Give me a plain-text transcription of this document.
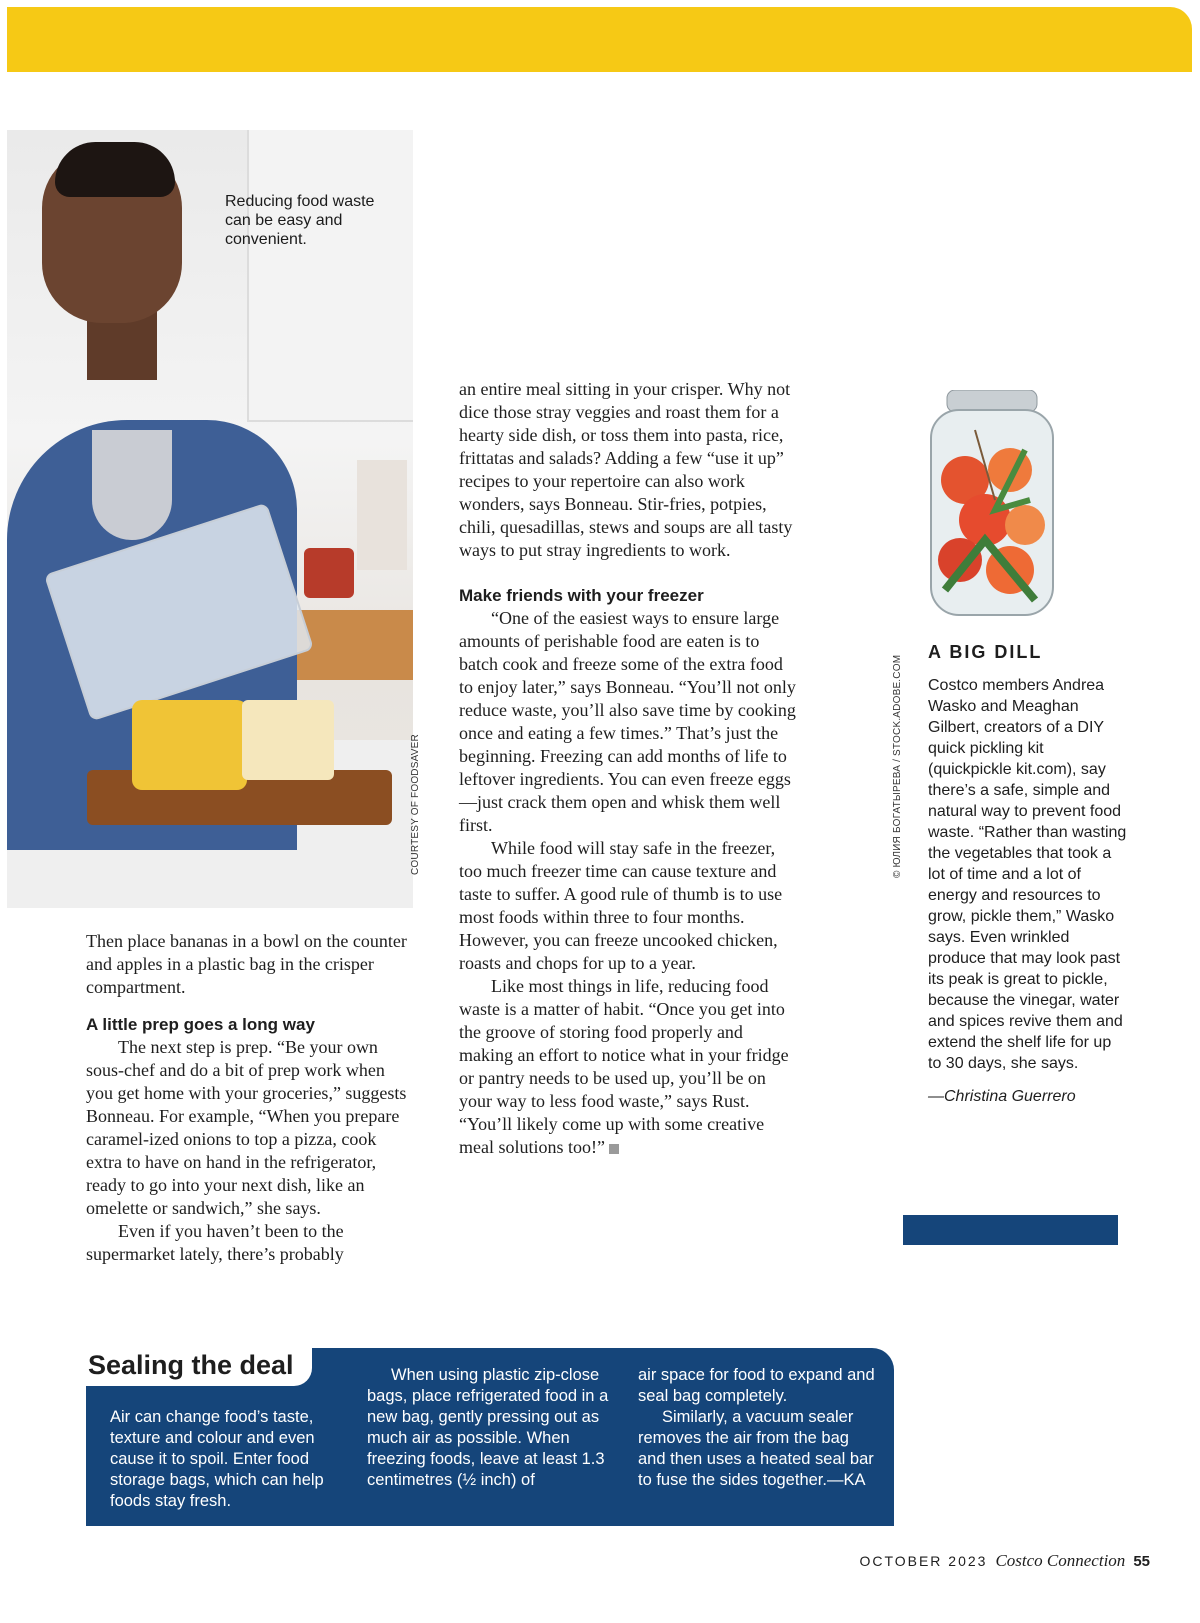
Reducing food waste can be easy and convenient.
COURTESY OF FOODSAVER

Then place bananas in a bowl on the counter and apples in a plastic bag in the crisper compartment.

A little prep goes a long way

The next step is prep. “Be your own sous-chef and do a bit of prep work when you get home with your groceries,” suggests Bonneau. For example, “When you prepare caramel-ized onions to top a pizza, cook extra to have on hand in the refrigerator, ready to go into your next dish, like an omelette or sandwich,” she says.

Even if you haven’t been to the supermarket lately, there’s probably

an entire meal sitting in your crisper. Why not dice those stray veggies and roast them for a hearty side dish, or toss them into pasta, rice, frittatas and salads? Adding a few “use it up” recipes to your repertoire can also work wonders, says Bonneau. Stir-fries, potpies, chili, quesadillas, stews and soups are all tasty ways to put stray ingredients to work.

Make friends with your freezer

“One of the easiest ways to ensure large amounts of perishable food are eaten is to batch cook and freeze some of the extra food to enjoy later,” says Bonneau. “You’ll not only reduce waste, you’ll also save time by cooking once and eating a few times.” That’s just the beginning. Freezing can add months of life to leftover ingredients. You can even freeze eggs—just crack them open and whisk them well first.

While food will stay safe in the freezer, too much freezer time can cause texture and taste to suffer. A good rule of thumb is to use most foods within three to four months. However, you can freeze uncooked chicken, roasts and chops for up to a year.

Like most things in life, reducing food waste is a matter of habit. “Once you get into the groove of storing food properly and making an effort to notice what in your fridge or pantry needs to be used up, you’ll be on your way to less food waste,” says Rust. “You’ll likely come up with some creative meal solutions too!”

© ЮЛИЯ БОГАТЫРЕВА / STOCK.ADOBE.COM
A BIG DILL

Costco members Andrea Wasko and Meaghan Gilbert, creators of a DIY quick pickling kit (quickpickle kit.com), say there’s a safe, simple and natural way to prevent food waste. “Rather than wasting the vegetables that took a lot of time and a lot of energy and resources to grow, pickle them,” Wasko says. Even wrinkled produce that may look past its peak is great to pickle, because the vinegar, water and spices revive them and extend the shelf life for up to 30 days, she says.

—Christina Guerrero

Sealing the deal

Air can change food’s taste, texture and colour and even cause it to spoil. Enter food storage bags, which can help foods stay fresh.

When using plastic zip-close bags, place refrigerated food in a new bag, gently pressing out as much air as possible. When freezing foods, leave at least 1.3 centimetres (½ inch) of

air space for food to expand and seal bag completely.

Similarly, a vacuum sealer removes the air from the bag and then uses a heated seal bar to fuse the sides together.—KA

OCTOBER 2023 Costco Connection 55
